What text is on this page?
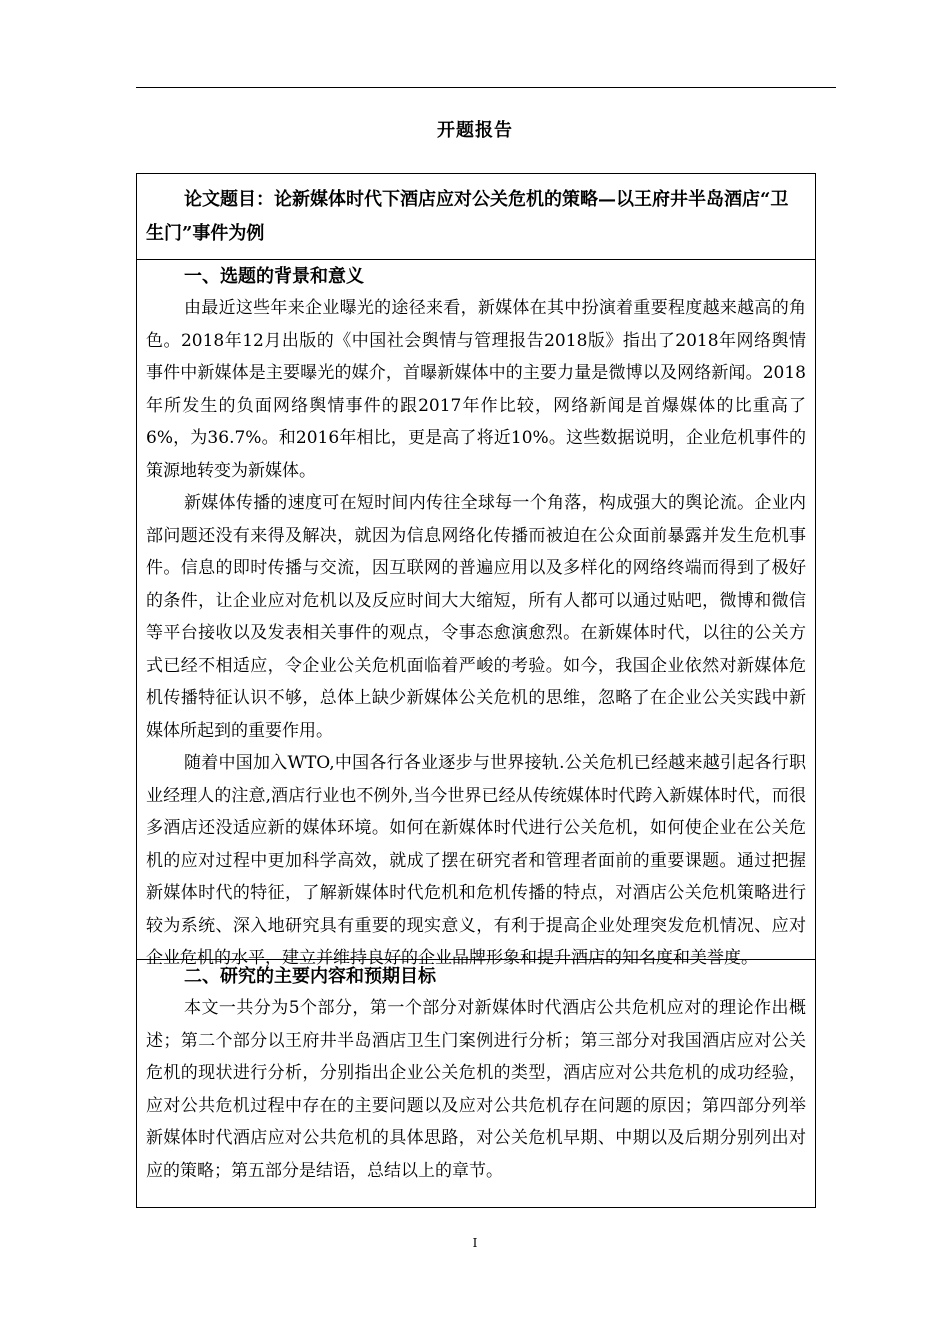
开题报告
论文题目：论新媒体时代下酒店应对公关危机的策略—以王府井半岛酒店“卫生门”事件为例
一、选题的背景和意义

由最近这些年来企业曝光的途径来看，新媒体在其中扮演着重要程度越来越高的角色。2018年12月出版的《中国社会舆情与管理报告2018版》指出了2018年网络舆情事件中新媒体是主要曝光的媒介，首曝新媒体中的主要力量是微博以及网络新闻。2018年所发生的负面网络舆情事件的跟2017年作比较，网络新闻是首爆媒体的比重高了6%，为36.7%。和2016年相比，更是高了将近10%。这些数据说明，企业危机事件的策源地转变为新媒体。

新媒体传播的速度可在短时间内传往全球每一个角落，构成强大的舆论流。企业内部问题还没有来得及解决，就因为信息网络化传播而被迫在公众面前暴露并发生危机事件。信息的即时传播与交流，因互联网的普遍应用以及多样化的网络终端而得到了极好的条件，让企业应对危机以及反应时间大大缩短，所有人都可以通过贴吧，微博和微信等平台接收以及发表相关事件的观点，令事态愈演愈烈。在新媒体时代，以往的公关方式已经不相适应，令企业公关危机面临着严峻的考验。如今，我国企业依然对新媒体危机传播特征认识不够，总体上缺少新媒体公关危机的思维，忽略了在企业公关实践中新媒体所起到的重要作用。

随着中国加入WTO,中国各行各业逐步与世界接轨.公关危机已经越来越引起各行职业经理人的注意,酒店行业也不例外,当今世界已经从传统媒体时代跨入新媒体时代，而很多酒店还没适应新的媒体环境。如何在新媒体时代进行公关危机，如何使企业在公关危机的应对过程中更加科学高效，就成了摆在研究者和管理者面前的重要课题。通过把握新媒体时代的特征，了解新媒体时代危机和危机传播的特点，对酒店公关危机策略进行较为系统、深入地研究具有重要的现实意义，有利于提高企业处理突发危机情况、应对企业危机的水平，建立并维持良好的企业品牌形象和提升酒店的知名度和美誉度。

二、研究的主要内容和预期目标

本文一共分为5个部分，第一个部分对新媒体时代酒店公共危机应对的理论作出概述；第二个部分以王府井半岛酒店卫生门案例进行分析；第三部分对我国酒店应对公关危机的现状进行分析，分别指出企业公关危机的类型，酒店应对公共危机的成功经验，应对公共危机过程中存在的主要问题以及应对公共危机存在问题的原因；第四部分列举新媒体时代酒店应对公共危机的具体思路，对公关危机早期、中期以及后期分别列出对应的策略；第五部分是结语，总结以上的章节。

I
